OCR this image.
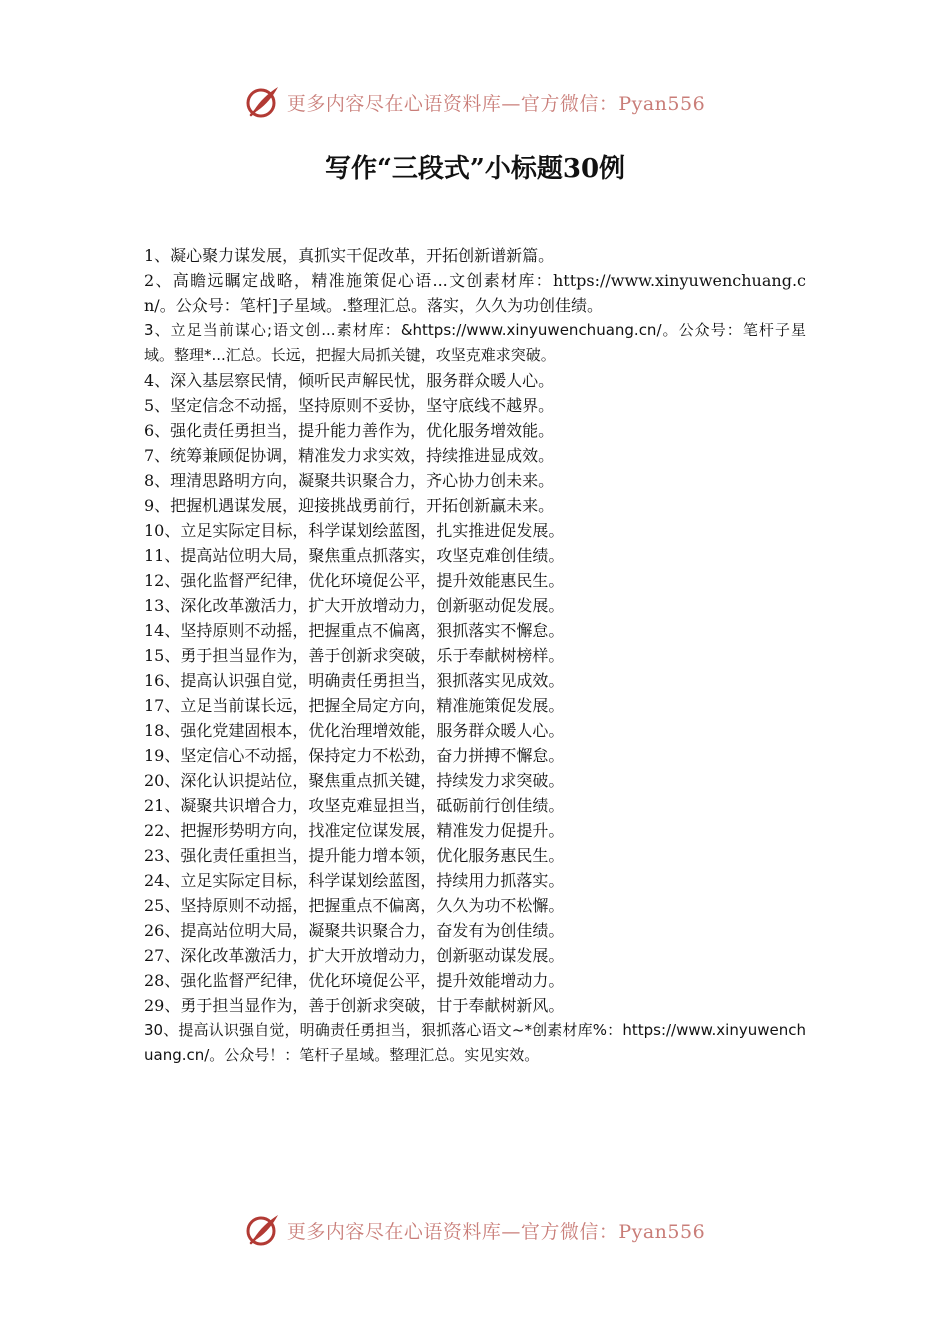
更多内容尽在心语资料库—官方微信：Pyan556
写作“三段式”小标题30例
1、凝心聚力谋发展，真抓实干促改革，开拓创新谱新篇。
2、高瞻远瞩定战略，精准施策促心语...文创素材库：https://www.xinyuwenchuang.cn/。公众号：笔杆]子星域。.整理汇总。落实，久久为功创佳绩。
3、立足当前谋心;语文创...素材库：&https://www.xinyuwenchuang.cn/。公众号：笔杆子星域。整理*...汇总。长远，把握大局抓关键，攻坚克难求突破。
4、深入基层察民情，倾听民声解民忧，服务群众暖人心。
5、坚定信念不动摇，坚持原则不妥协，坚守底线不越界。
6、强化责任勇担当，提升能力善作为，优化服务增效能。
7、统筹兼顾促协调，精准发力求实效，持续推进显成效。
8、理清思路明方向，凝聚共识聚合力，齐心协力创未来。
9、把握机遇谋发展，迎接挑战勇前行，开拓创新赢未来。
10、立足实际定目标，科学谋划绘蓝图，扎实推进促发展。
11、提高站位明大局，聚焦重点抓落实，攻坚克难创佳绩。
12、强化监督严纪律，优化环境促公平，提升效能惠民生。
13、深化改革激活力，扩大开放增动力，创新驱动促发展。
14、坚持原则不动摇，把握重点不偏离，狠抓落实不懈怠。
15、勇于担当显作为，善于创新求突破，乐于奉献树榜样。
16、提高认识强自觉，明确责任勇担当，狠抓落实见成效。
17、立足当前谋长远，把握全局定方向，精准施策促发展。
18、强化党建固根本，优化治理增效能，服务群众暖人心。
19、坚定信心不动摇，保持定力不松劲，奋力拼搏不懈怠。
20、深化认识提站位，聚焦重点抓关键，持续发力求突破。
21、凝聚共识增合力，攻坚克难显担当，砥砺前行创佳绩。
22、把握形势明方向，找准定位谋发展，精准发力促提升。
23、强化责任重担当，提升能力增本领，优化服务惠民生。
24、立足实际定目标，科学谋划绘蓝图，持续用力抓落实。
25、坚持原则不动摇，把握重点不偏离，久久为功不松懈。
26、提高站位明大局，凝聚共识聚合力，奋发有为创佳绩。
27、深化改革激活力，扩大开放增动力，创新驱动谋发展。
28、强化监督严纪律，优化环境促公平，提升效能增动力。
29、勇于担当显作为，善于创新求突破，甘于奉献树新风。
30、提高认识强自觉，明确责任勇担当，狠抓落心语文~*创素材库%：https://www.xinyuwenchuang.cn/。公众号！：笔杆子星域。整理汇总。实见实效。
更多内容尽在心语资料库—官方微信：Pyan556
